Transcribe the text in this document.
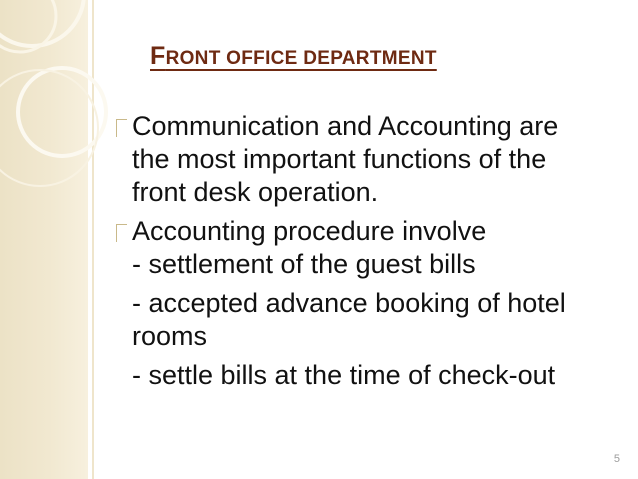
FRONT OFFICE DEPARTMENT

Communication and Accounting are the most important functions of the front desk operation.

Accounting procedure involve

- settlement of the guest bills

- accepted advance booking of hotel rooms

- settle bills at the time of check-out

5
